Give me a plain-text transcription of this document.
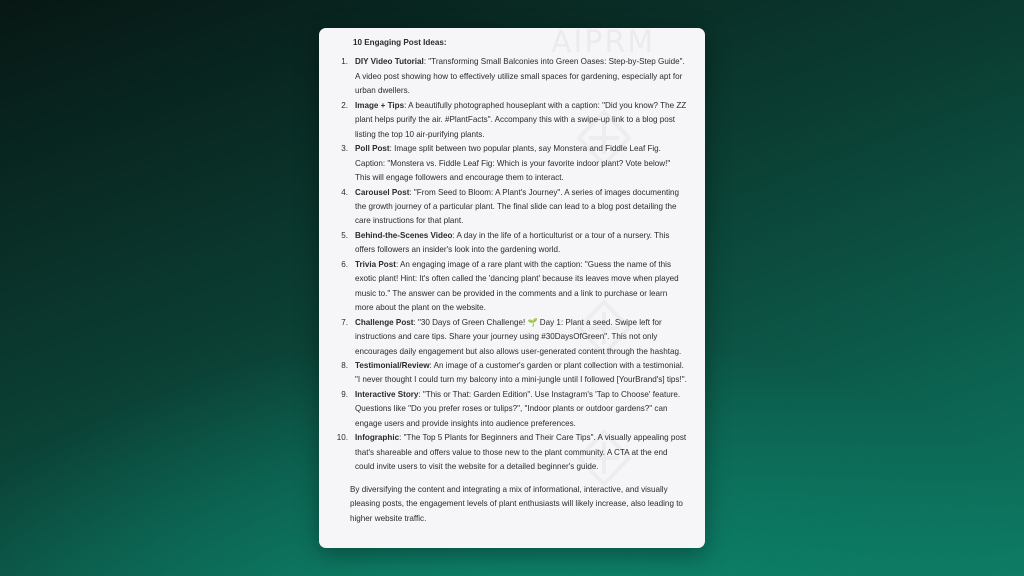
10 Engaging Post Ideas:
1. DIY Video Tutorial: "Transforming Small Balconies into Green Oases: Step-by-Step Guide". A video post showing how to effectively utilize small spaces for gardening, especially apt for urban dwellers.
2. Image + Tips: A beautifully photographed houseplant with a caption: "Did you know? The ZZ plant helps purify the air. #PlantFacts". Accompany this with a swipe-up link to a blog post listing the top 10 air-purifying plants.
3. Poll Post: Image split between two popular plants, say Monstera and Fiddle Leaf Fig. Caption: "Monstera vs. Fiddle Leaf Fig: Which is your favorite indoor plant? Vote below!" This will engage followers and encourage them to interact.
4. Carousel Post: "From Seed to Bloom: A Plant's Journey". A series of images documenting the growth journey of a particular plant. The final slide can lead to a blog post detailing the care instructions for that plant.
5. Behind-the-Scenes Video: A day in the life of a horticulturist or a tour of a nursery. This offers followers an insider's look into the gardening world.
6. Trivia Post: An engaging image of a rare plant with the caption: "Guess the name of this exotic plant! Hint: It's often called the 'dancing plant' because its leaves move when played music to." The answer can be provided in the comments and a link to purchase or learn more about the plant on the website.
7. Challenge Post: "30 Days of Green Challenge! 🌱 Day 1: Plant a seed. Swipe left for instructions and care tips. Share your journey using #30DaysOfGreen". This not only encourages daily engagement but also allows user-generated content through the hashtag.
8. Testimonial/Review: An image of a customer's garden or plant collection with a testimonial. "I never thought I could turn my balcony into a mini-jungle until I followed [YourBrand's] tips!".
9. Interactive Story: "This or That: Garden Edition". Use Instagram's 'Tap to Choose' feature. Questions like "Do you prefer roses or tulips?", "Indoor plants or outdoor gardens?" can engage users and provide insights into audience preferences.
10. Infographic: "The Top 5 Plants for Beginners and Their Care Tips". A visually appealing post that's shareable and offers value to those new to the plant community. A CTA at the end could invite users to visit the website for a detailed beginner's guide.

By diversifying the content and integrating a mix of informational, interactive, and visually pleasing posts, the engagement levels of plant enthusiasts will likely increase, also leading to higher website traffic.
